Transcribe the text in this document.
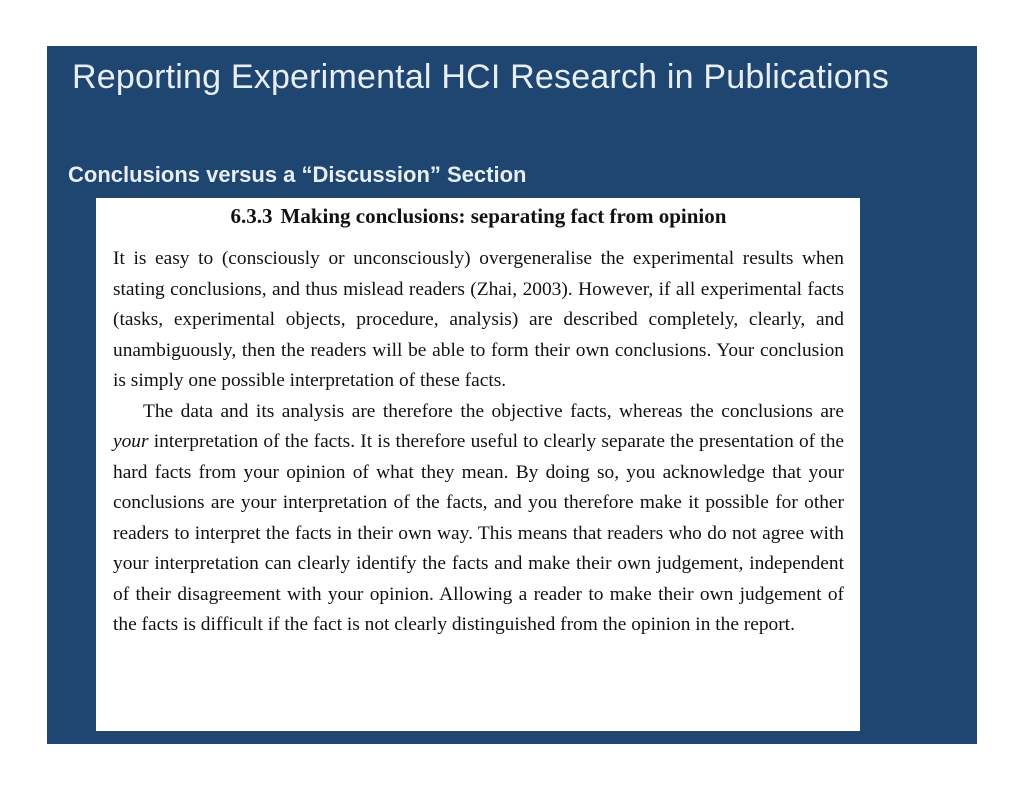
Reporting Experimental HCI Research in Publications
Conclusions versus a “Discussion” Section
6.3.3 Making conclusions: separating fact from opinion

It is easy to (consciously or unconsciously) overgeneralise the experimental results when stating conclusions, and thus mislead readers (Zhai, 2003). However, if all experimental facts (tasks, experimental objects, procedure, analysis) are described completely, clearly, and unambiguously, then the readers will be able to form their own conclusions. Your conclusion is simply one possible interpretation of these facts.

The data and its analysis are therefore the objective facts, whereas the conclusions are your interpretation of the facts. It is therefore useful to clearly separate the presentation of the hard facts from your opinion of what they mean. By doing so, you acknowledge that your conclusions are your interpretation of the facts, and you therefore make it possible for other readers to interpret the facts in their own way. This means that readers who do not agree with your interpretation can clearly identify the facts and make their own judgement, independent of their disagreement with your opinion. Allowing a reader to make their own judgement of the facts is difficult if the fact is not clearly distinguished from the opinion in the report.
